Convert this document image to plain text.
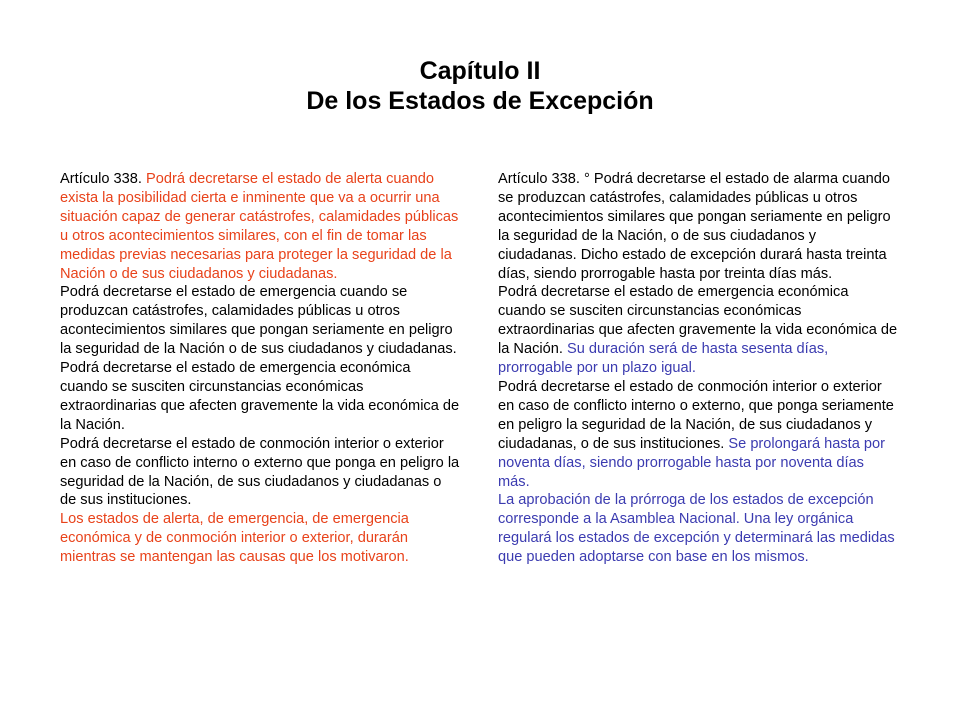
Capítulo II
De los Estados de Excepción

Artículo 338. Podrá decretarse el estado de alerta cuando exista la posibilidad cierta e inminente que va a ocurrir una situación capaz de generar catástrofes, calamidades públicas u otros acontecimientos similares, con el fin de tomar las medidas previas necesarias para proteger la seguridad de la Nación o de sus ciudadanos y ciudadanas.

Podrá decretarse el estado de emergencia cuando se produzcan catástrofes, calamidades públicas u otros acontecimientos similares que pongan seriamente en peligro la seguridad de la Nación o de sus ciudadanos y ciudadanas.

Podrá decretarse el estado de emergencia económica cuando se susciten circunstancias económicas extraordinarias que afecten gravemente la vida económica de la Nación.

Podrá decretarse el estado de conmoción interior o exterior en caso de conflicto interno o externo que ponga en peligro la seguridad de la Nación, de sus ciudadanos y ciudadanas o de sus instituciones.

Los estados de alerta, de emergencia, de emergencia económica y de conmoción interior o exterior, durarán mientras se mantengan las causas que los motivaron.

Artículo 338. ° Podrá decretarse el estado de alarma cuando se produzcan catástrofes, calamidades públicas u otros acontecimientos similares que pongan seriamente en peligro la seguridad de la Nación, o de sus ciudadanos y ciudadanas. Dicho estado de excepción durará hasta treinta días, siendo prorrogable hasta por treinta días más.

Podrá decretarse el estado de emergencia económica cuando se susciten circunstancias económicas extraordinarias que afecten gravemente la vida económica de la Nación. Su duración será de hasta sesenta días, prorrogable por un plazo igual.

Podrá decretarse el estado de conmoción interior o exterior en caso de conflicto interno o externo, que ponga seriamente en peligro la seguridad de la Nación, de sus ciudadanos y ciudadanas, o de sus instituciones. Se prolongará hasta por noventa días, siendo prorrogable hasta por noventa días más.

La aprobación de la prórroga de los estados de excepción corresponde a la Asamblea Nacional. Una ley orgánica regulará los estados de excepción y determinará las medidas que pueden adoptarse con base en los mismos.
